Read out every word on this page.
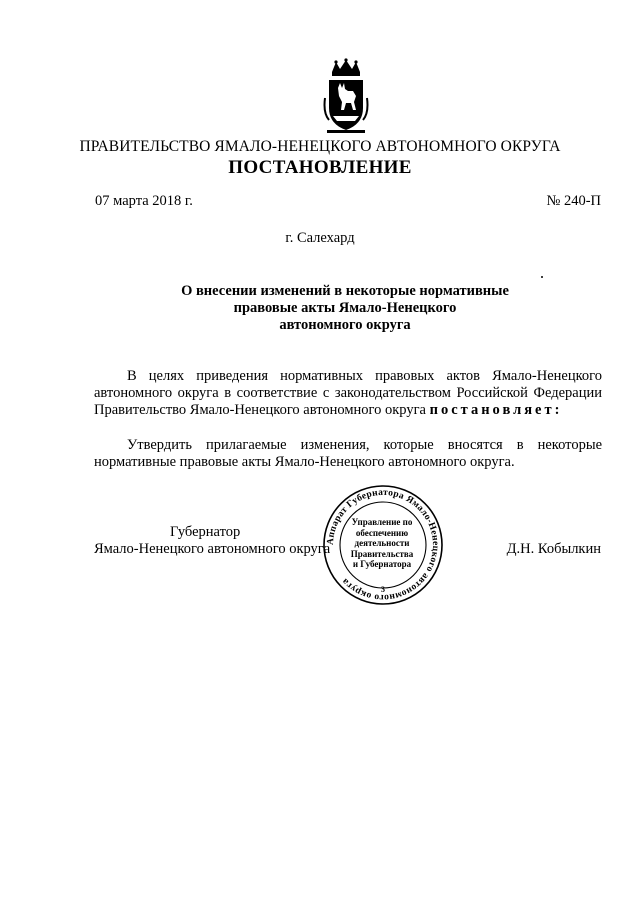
ПРАВИТЕЛЬСТВО ЯМАЛО-НЕНЕЦКОГО АВТОНОМНОГО ОКРУГА
ПОСТАНОВЛЕНИЕ
07 марта 2018 г.	№ 240-П
г. Салехард
О внесении изменений в некоторые нормативные
правовые акты Ямало-Ненецкого
автономного округа
В целях приведения нормативных правовых актов Ямало-Ненецкого автономного округа в соответствие с законодательством Российской Федерации Правительство Ямало-Ненецкого автономного округа постановляет:
Утвердить прилагаемые изменения, которые вносятся в некоторые нормативные правовые акты Ямало-Ненецкого автономного округа.
Губернатор
Ямало-Ненецкого автономного округа	Д.Н. Кобылкин
Аппарат Губернатора Ямало-Ненецкого автономного округа
3
Управление по
обеспечению
деятельности
Правительства
и Губернатора
